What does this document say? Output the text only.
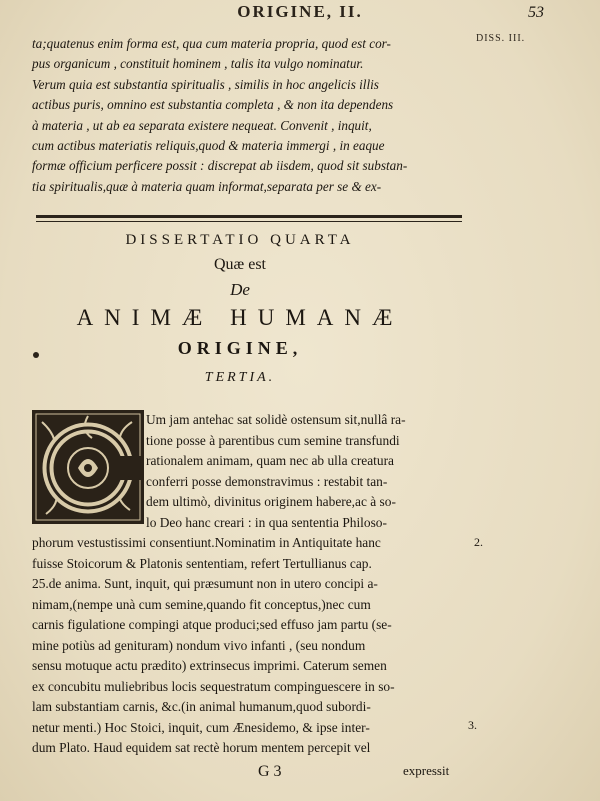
ORIGINE, II.	53
DISS. III.
ta;quatenus enim forma est, qua cum materia propria, quod est cor-
pus organicum , constituit hominem , talis ita vulgo nominatur.
Verum quia est substantia spiritualis , similis in hoc angelicis illis
actibus puris, omnino est substantia completa , & non ita dependens
à materia , ut ab ea separata existere nequeat. Convenit , inquit,
cum actibus materiatis reliquis,quod & materia immergi , in eaque
formæ officium perficere possit : discrepat ab iisdem, quod sit substan-
tia spiritualis,quæ à materia quam informat,separata per se & ex-
DISSERTATIO QUARTA
Quæ est
De
ANIMÆ HUMANÆ
ORIGINE,
TERTIA.
Um jam antehac sat solidè ostensum sit,nullâ ra-
tione posse à parentibus cum semine transfundi
rationalem animam, quam nec ab ulla creatura
conferri posse demonstravimus : restabit tan-
dem ultimò, divinitus originem habere,ac à so-
lo Deo hanc creari : in qua sententia Philoso-
phorum vestustissimi consentiunt.Nominatim in Antiquitate hanc
fuisse Stoicorum & Platonis sententiam, refert Tertullianus cap.
25.de anima. Sunt, inquit, qui præsumunt non in utero concipi a-
nimam,(nempe unà cum semine,quando fit conceptus,)nec cum
carnis figulatione compingi atque produci;sed effuso jam partu (se-
mine potiùs ad genituram) nondum vivo infanti , (seu nondum
sensu motuque actu prædito) extrinsecus imprimi. Caterum semen
ex concubitu muliebribus locis sequestratum compinguescere in so-
lam substantiam carnis, &c.(in animal humanum,quod subordi-
netur menti.) Hoc Stoici, inquit, cum Ænesidemo, & ipse inter-
dum Plato. Haud equidem sat rectè horum mentem percepit vel
2.
3.
G 3	expressit
